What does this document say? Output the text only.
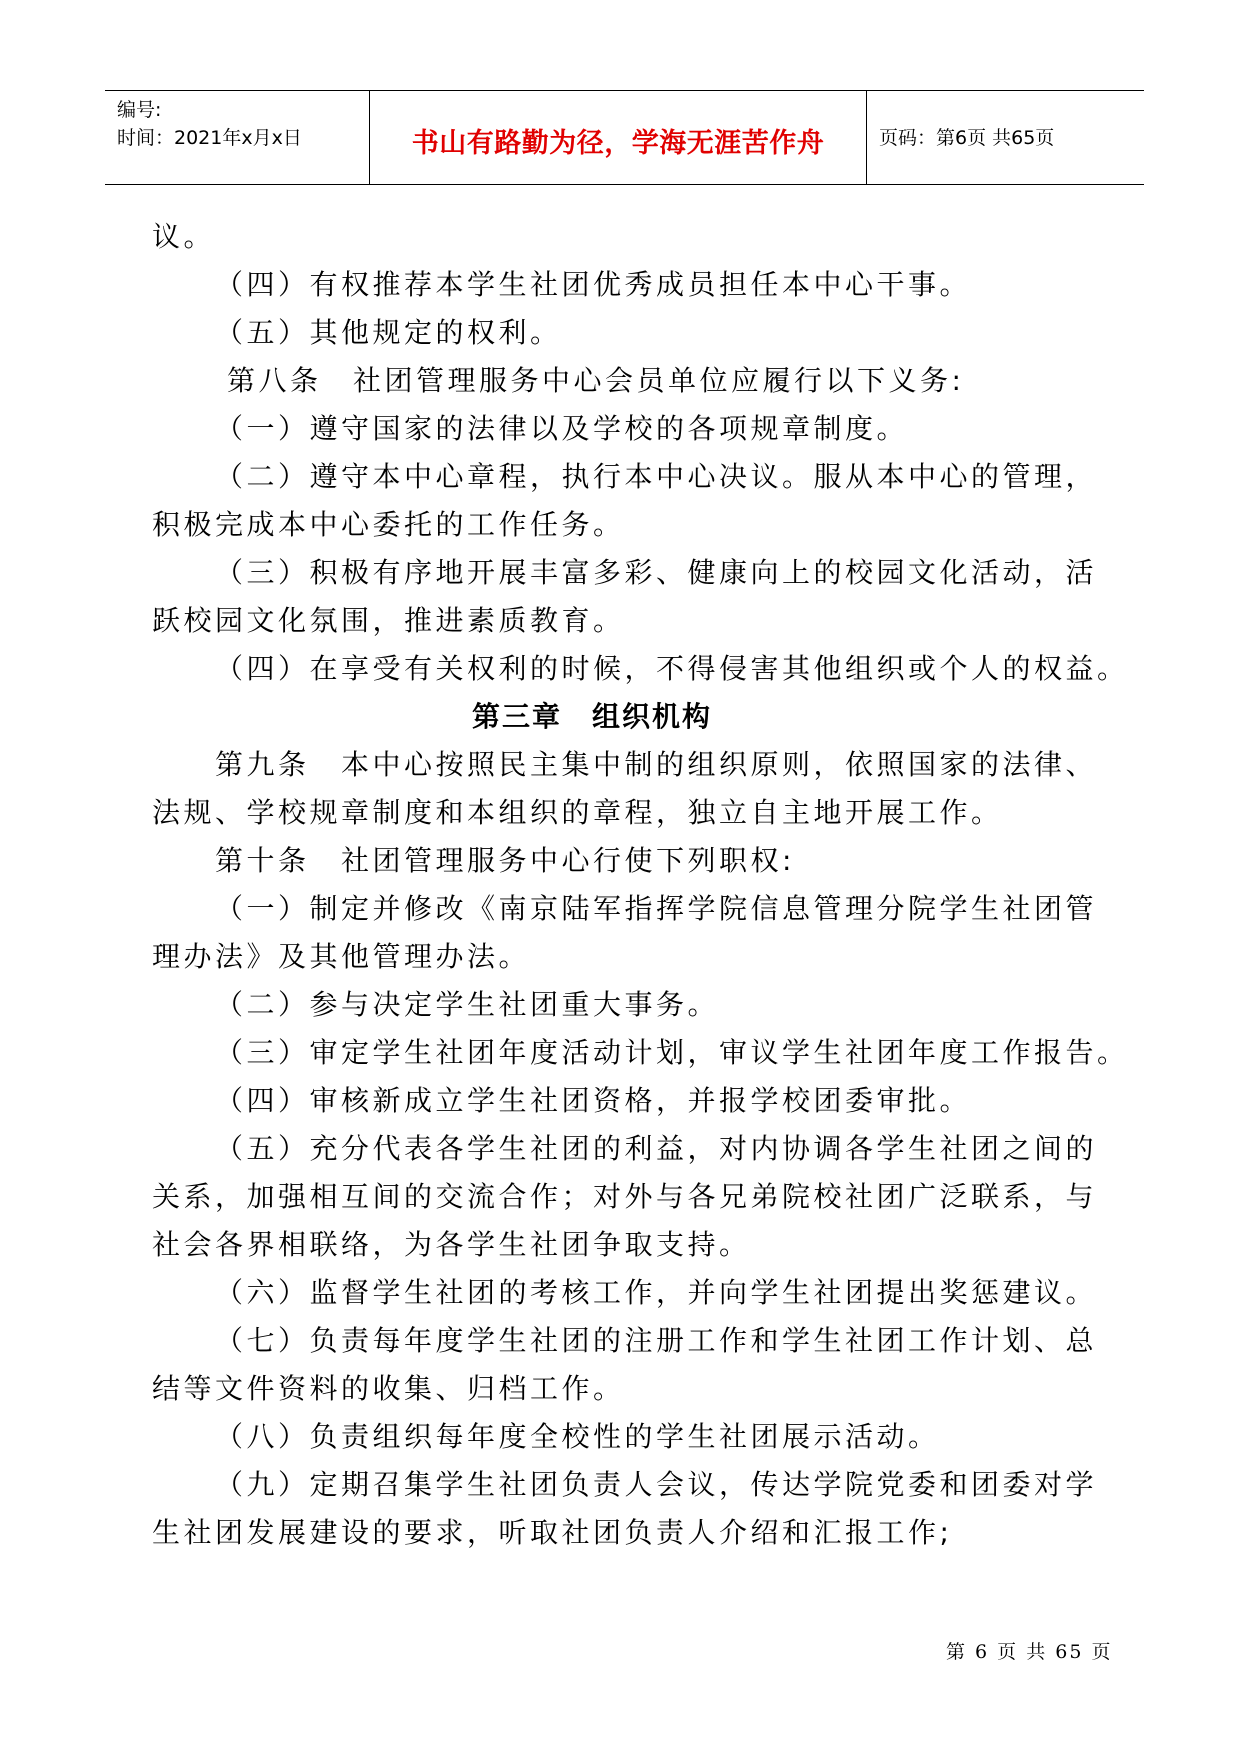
编号:
时间：2021年x月x日	书山有路勤为径，学海无涯苦作舟	页码：第6页 共65页

议。

（四）有权推荐本学生社团优秀成员担任本中心干事。

（五）其他规定的权利。

第八条　社团管理服务中心会员单位应履行以下义务:

（一）遵守国家的法律以及学校的各项规章制度。

（二）遵守本中心章程，执行本中心决议。服从本中心的管理，

积极完成本中心委托的工作任务。

（三）积极有序地开展丰富多彩、健康向上的校园文化活动，活

跃校园文化氛围，推进素质教育。

（四）在享受有关权利的时候，不得侵害其他组织或个人的权益。

第三章　组织机构

第九条　本中心按照民主集中制的组织原则，依照国家的法律、

法规、学校规章制度和本组织的章程，独立自主地开展工作。

第十条　社团管理服务中心行使下列职权:

（一）制定并修改《南京陆军指挥学院信息管理分院学生社团管

理办法》及其他管理办法。

（二）参与决定学生社团重大事务。

（三）审定学生社团年度活动计划，审议学生社团年度工作报告。

（四）审核新成立学生社团资格，并报学校团委审批。

（五）充分代表各学生社团的利益，对内协调各学生社团之间的

关系，加强相互间的交流合作；对外与各兄弟院校社团广泛联系，与

社会各界相联络，为各学生社团争取支持。

（六）监督学生社团的考核工作，并向学生社团提出奖惩建议。

（七）负责每年度学生社团的注册工作和学生社团工作计划、总

结等文件资料的收集、归档工作。

（八）负责组织每年度全校性的学生社团展示活动。

（九）定期召集学生社团负责人会议，传达学院党委和团委对学

生社团发展建设的要求，听取社团负责人介绍和汇报工作;

第 6 页 共 65 页
